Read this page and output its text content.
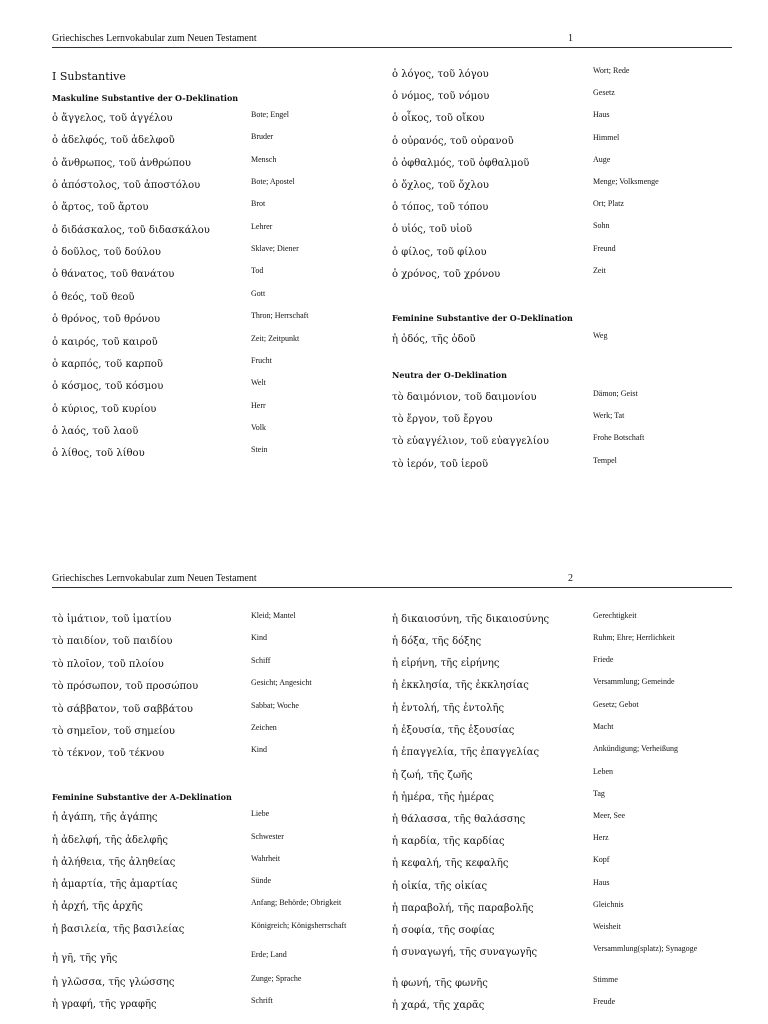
Griechisches Lernvokabular zum Neuen Testament	1
I Substantive
Maskuline Substantive der O-Deklination
ὁ ἄγγελος, τοῦ ἀγγέλου	Bote; Engel
ὁ ἀδελφός, τοῦ ἀδελφοῦ	Bruder
ὁ ἄνθρωπος, τοῦ ἀνθρώπου	Mensch
ὁ ἀπόστολος, τοῦ ἀποστόλου	Bote; Apostel
ὁ ἄρτος, τοῦ ἄρτου	Brot
ὁ διδάσκαλος, τοῦ διδασκάλου	Lehrer
ὁ δοῦλος, τοῦ δούλου	Sklave; Diener
ὁ θάνατος, τοῦ θανάτου	Tod
ὁ θεός, τοῦ θεοῦ	Gott
ὁ θρόνος, τοῦ θρόνου	Thron; Herrschaft
ὁ καιρός, τοῦ καιροῦ	Zeit; Zeitpunkt
ὁ καρπός, τοῦ καρποῦ	Frucht
ὁ κόσμος, τοῦ κόσμου	Welt
ὁ κύριος, τοῦ κυρίου	Herr
ὁ λαός, τοῦ λαοῦ	Volk
ὁ λίθος, τοῦ λίθου	Stein
ὁ λόγος, τοῦ λόγου	Wort; Rede
ὁ νόμος, τοῦ νόμου	Gesetz
ὁ οἶκος, τοῦ οἴκου	Haus
ὁ οὐρανός, τοῦ οὐρανοῦ	Himmel
ὁ ὀφθαλμός, τοῦ ὀφθαλμοῦ	Auge
ὁ ὄχλος, τοῦ ὄχλου	Menge; Volksmenge
ὁ τόπος, τοῦ τόπου	Ort; Platz
ὁ υἱός, τοῦ υἱοῦ	Sohn
ὁ φίλος, τοῦ φίλου	Freund
ὁ χρόνος, τοῦ χρόνου	Zeit
Feminine Substantive der O-Deklination
ἡ ὁδός, τῆς ὁδοῦ	Weg
Neutra der O-Deklination
τὸ δαιμόνιον, τοῦ δαιμονίου	Dämon; Geist
τὸ ἔργον, τοῦ ἔργου	Werk; Tat
τὸ εὐαγγέλιον, τοῦ εὐαγγελίου	Frohe Botschaft
τὸ ἱερόν, τοῦ ἱεροῦ	Tempel
Griechisches Lernvokabular zum Neuen Testament	2
τὸ ἱμάτιον, τοῦ ἱματίου	Kleid; Mantel
τὸ παιδίον, τοῦ παιδίου	Kind
τὸ πλοῖον, τοῦ πλοίου	Schiff
τὸ πρόσωπον, τοῦ προσώπου	Gesicht; Angesicht
τὸ σάββατον, τοῦ σαββάτου	Sabbat; Woche
τὸ σημεῖον, τοῦ σημείου	Zeichen
τὸ τέκνον, τοῦ τέκνου	Kind
Feminine Substantive der A-Deklination
ἡ ἀγάπη, τῆς ἀγάπης	Liebe
ἡ ἀδελφή, τῆς ἀδελφῆς	Schwester
ἡ ἀλήθεια, τῆς ἀληθείας	Wahrheit
ἡ ἁμαρτία, τῆς ἁμαρτίας	Sünde
ἡ ἀρχή, τῆς ἀρχῆς	Anfang; Behörde; Obrigkeit
ἡ βασιλεία, τῆς βασιλείας	Königreich; Königsherrschaft
ἡ γῆ, τῆς γῆς	Erde; Land
ἡ γλῶσσα, τῆς γλώσσης	Zunge; Sprache
ἡ γραφή, τῆς γραφῆς	Schrift
ἡ δικαιοσύνη, τῆς δικαιοσύνης	Gerechtigkeit
ἡ δόξα, τῆς δόξης	Ruhm; Ehre; Herrlichkeit
ἡ εἰρήνη, τῆς εἰρήνης	Friede
ἡ ἐκκλησία, τῆς ἐκκλησίας	Versammlung; Gemeinde
ἡ ἐντολή, τῆς ἐντολῆς	Gesetz; Gebot
ἡ ἐξουσία, τῆς ἐξουσίας	Macht
ἡ ἐπαγγελία, τῆς ἐπαγγελίας	Ankündigung; Verheißung
ἡ ζωή, τῆς ζωῆς	Leben
ἡ ἡμέρα, τῆς ἡμέρας	Tag
ἡ θάλασσα, τῆς θαλάσσης	Meer, See
ἡ καρδία, τῆς καρδίας	Herz
ἡ κεφαλή, τῆς κεφαλῆς	Kopf
ἡ οἰκία, τῆς οἰκίας	Haus
ἡ παραβολή, τῆς παραβολῆς	Gleichnis
ἡ σοφία, τῆς σοφίας	Weisheit
ἡ συναγωγή, τῆς συναγωγῆς	Versammlung(splatz); Synagoge
ἡ φωνή, τῆς φωνῆς	Stimme
ἡ χαρά, τῆς χαρᾶς	Freude
